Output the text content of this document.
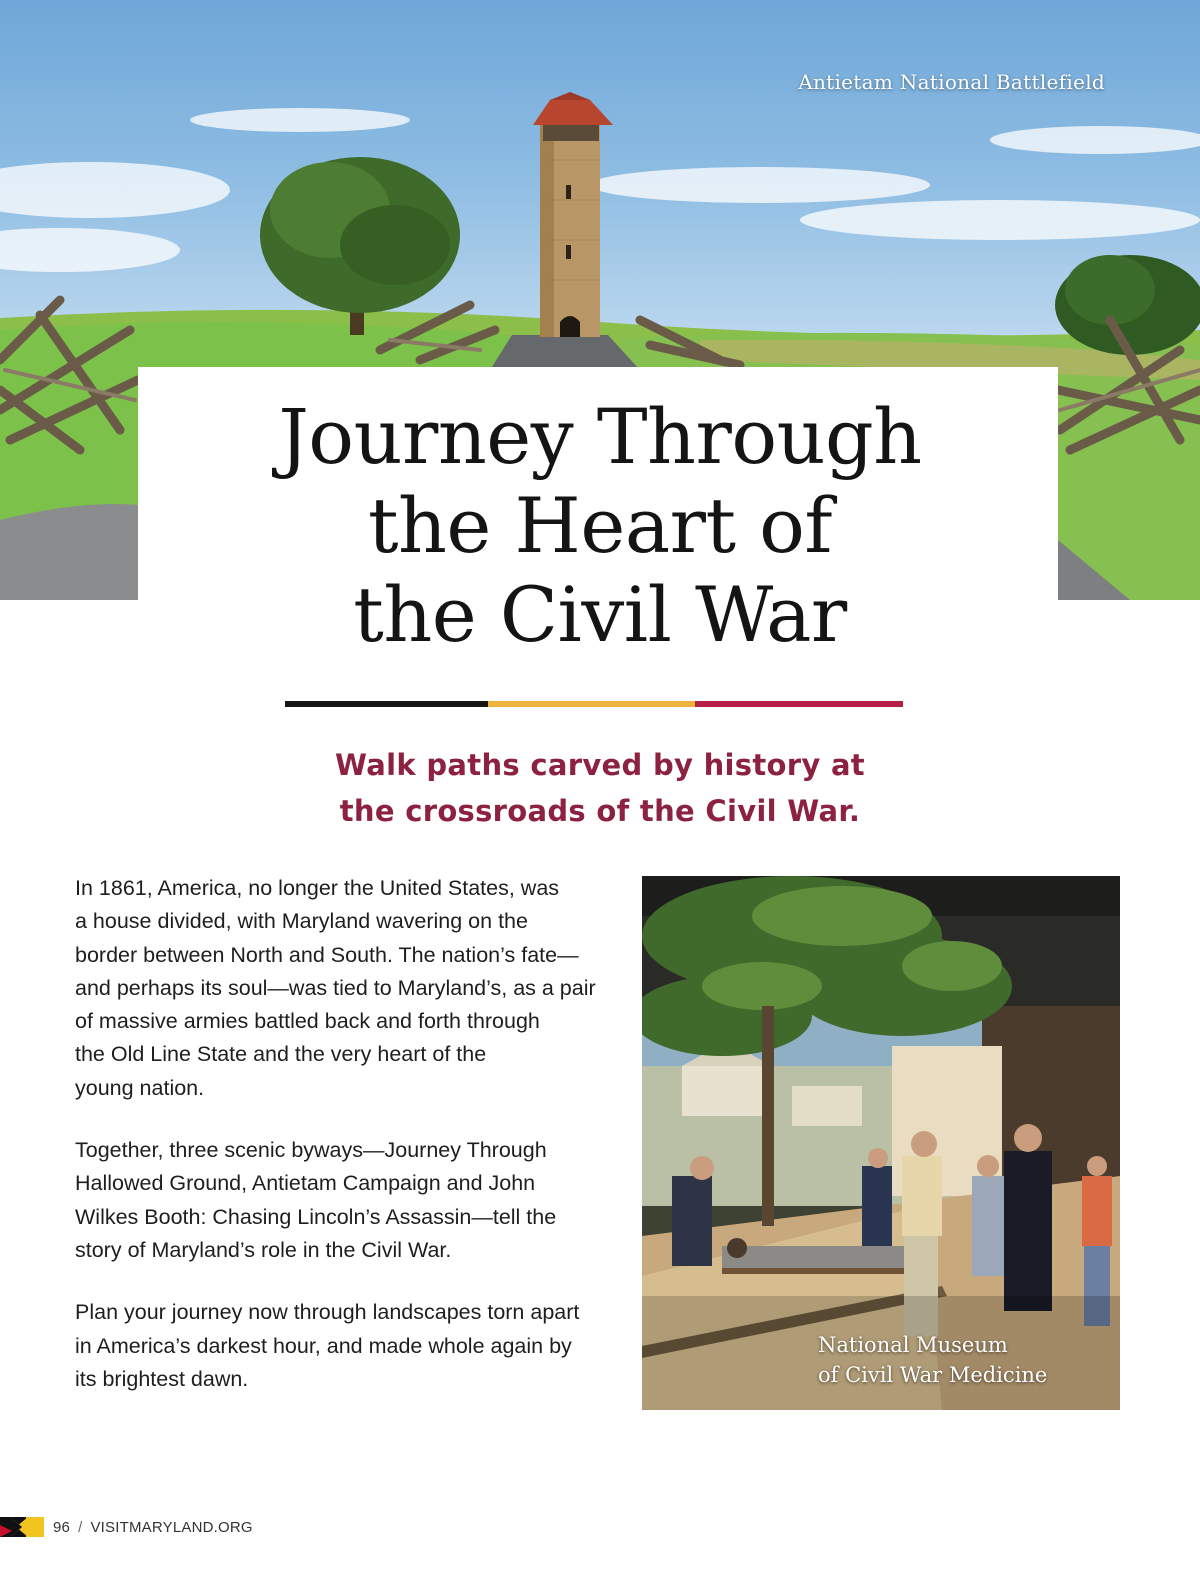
Antietam National Battlefield
Journey Through
the Heart of
the Civil War
Walk paths carved by history at
the crossroads of the Civil War.

In 1861, America, no longer the United States, was
a house divided, with Maryland wavering on the
border between North and South. The nation’s fate—
and perhaps its soul—was tied to Maryland’s, as a pair
of massive armies battled back and forth through
the Old Line State and the very heart of the
young nation.

Together, three scenic byways—Journey Through
Hallowed Ground, Antietam Campaign and John
Wilkes Booth: Chasing Lincoln’s Assassin—tell the
story of Maryland’s role in the Civil War.

Plan your journey now through landscapes torn apart
in America’s darkest hour, and made whole again by
its brightest dawn.

National Museum
of Civil War Medicine
96 / VISITMARYLAND.ORG
